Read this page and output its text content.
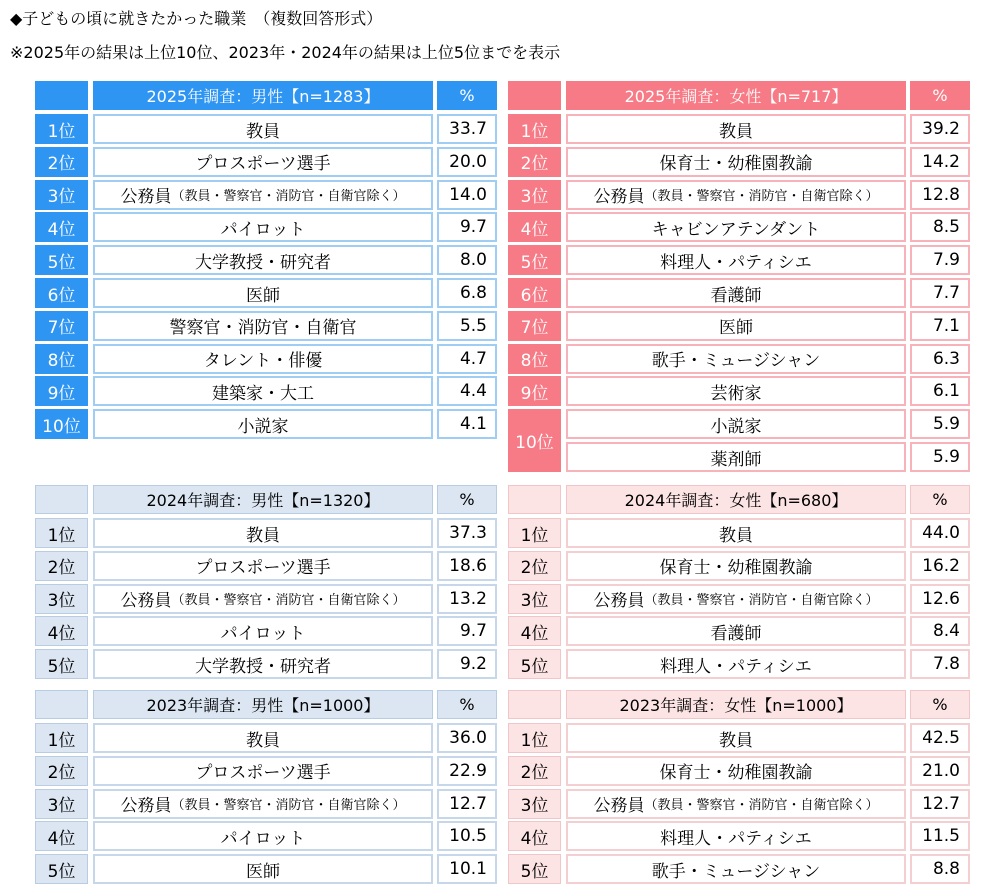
◆子どもの頃に就きたかった職業　（複数回答形式）
※2025年の結果は上位10位、2023年・2024年の結果は上位5位までを表示
2025年調査：男性【n=1283】	%
1位	教員	33.7
2位	プロスポーツ選手	20.0
3位	公務員 （教員・警察官・消防官・自衛官除く）	14.0
4位	パイロット	9.7
5位	大学教授・研究者	8.0
6位	医師	6.8
7位	警察官・消防官・自衛官	5.5
8位	タレント・俳優	4.7
9位	建築家・大工	4.4
10位	小説家	4.1
2025年調査：女性【n=717】	%
1位	教員	39.2
2位	保育士・幼稚園教諭	14.2
3位	公務員 （教員・警察官・消防官・自衛官除く）	12.8
4位	キャビンアテンダント	8.5
5位	料理人・パティシエ	7.9
6位	看護師	7.7
7位	医師	7.1
8位	歌手・ミュージシャン	6.3
9位	芸術家	6.1
10位
小説家	5.9
薬剤師	5.9
2024年調査：男性【n=1320】	%
1位	教員	37.3
2位	プロスポーツ選手	18.6
3位	公務員 （教員・警察官・消防官・自衛官除く）	13.2
4位	パイロット	9.7
5位	大学教授・研究者	9.2
2024年調査：女性【n=680】	%
1位	教員	44.0
2位	保育士・幼稚園教諭	16.2
3位	公務員 （教員・警察官・消防官・自衛官除く）	12.6
4位	看護師	8.4
5位	料理人・パティシエ	7.8
2023年調査：男性【n=1000】	%
1位	教員	36.0
2位	プロスポーツ選手	22.9
3位	公務員 （教員・警察官・消防官・自衛官除く）	12.7
4位	パイロット	10.5
5位	医師	10.1
2023年調査：女性【n=1000】	%
1位	教員	42.5
2位	保育士・幼稚園教諭	21.0
3位	公務員 （教員・警察官・消防官・自衛官除く）	12.7
4位	料理人・パティシエ	11.5
5位	歌手・ミュージシャン	8.8
